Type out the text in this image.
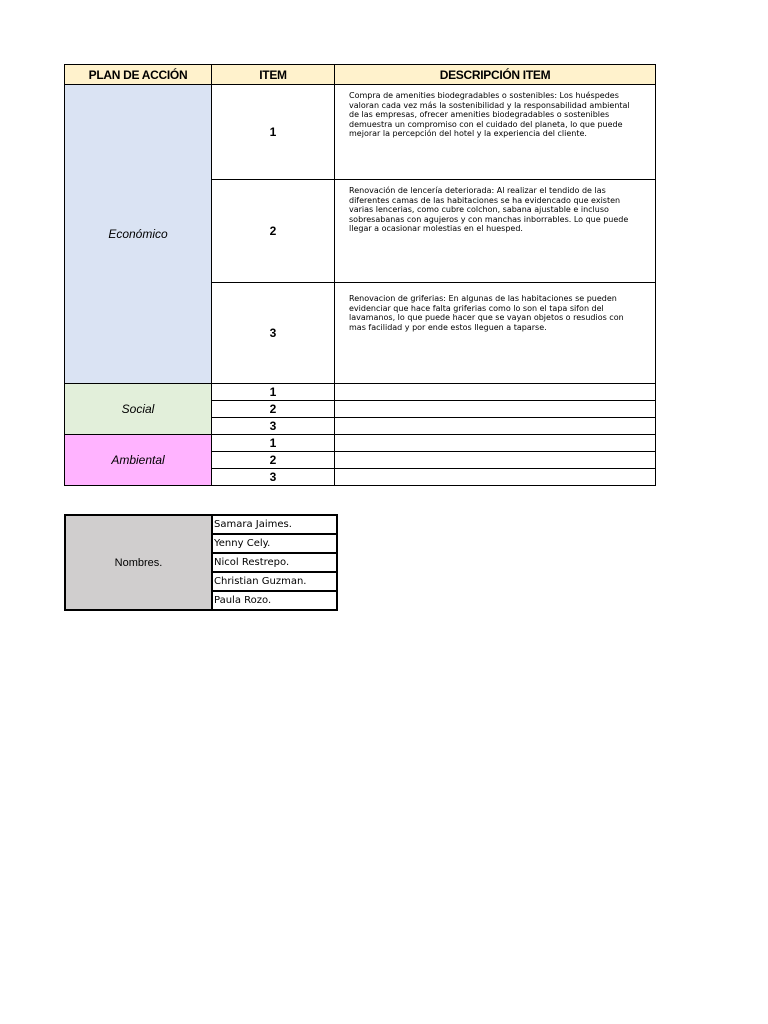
PLAN DE ACCIÓN	ITEM	DESCRIPCIÓN ITEM
Económico	1	Compra de amenities biodegradables o sostenibles: Los huéspedes valoran cada vez más la sostenibilidad y la responsabilidad ambiental de las empresas, ofrecer amenities biodegradables o sostenibles demuestra un compromiso con el cuidado del planeta, lo que puede mejorar la percepción del hotel y la experiencia del cliente.

	2	Renovación de lencería deteriorada: Al realizar el tendido de las diferentes camas de las habitaciones se ha evidencado que existen varias lencerias, como cubre colchon, sabana ajustable e incluso sobresabanas con agujeros y con manchas inborrables. Lo que puede llegar a ocasionar molestias en el huesped.

	3	Renovacion de griferias: En algunas de las habitaciones se pueden evidenciar que hace falta griferias como lo son el tapa sifon del lavamanos, lo que puede hacer que se vayan objetos o resudios con mas facilidad y por ende estos lleguen a taparse.

Social	1	
	2	
	3	
Ambiental	1	
	2	
	3	
Nombres.	Samara Jaimes.
Yenny Cely.
Nicol Restrepo.
Christian Guzman.
Paula Rozo.
